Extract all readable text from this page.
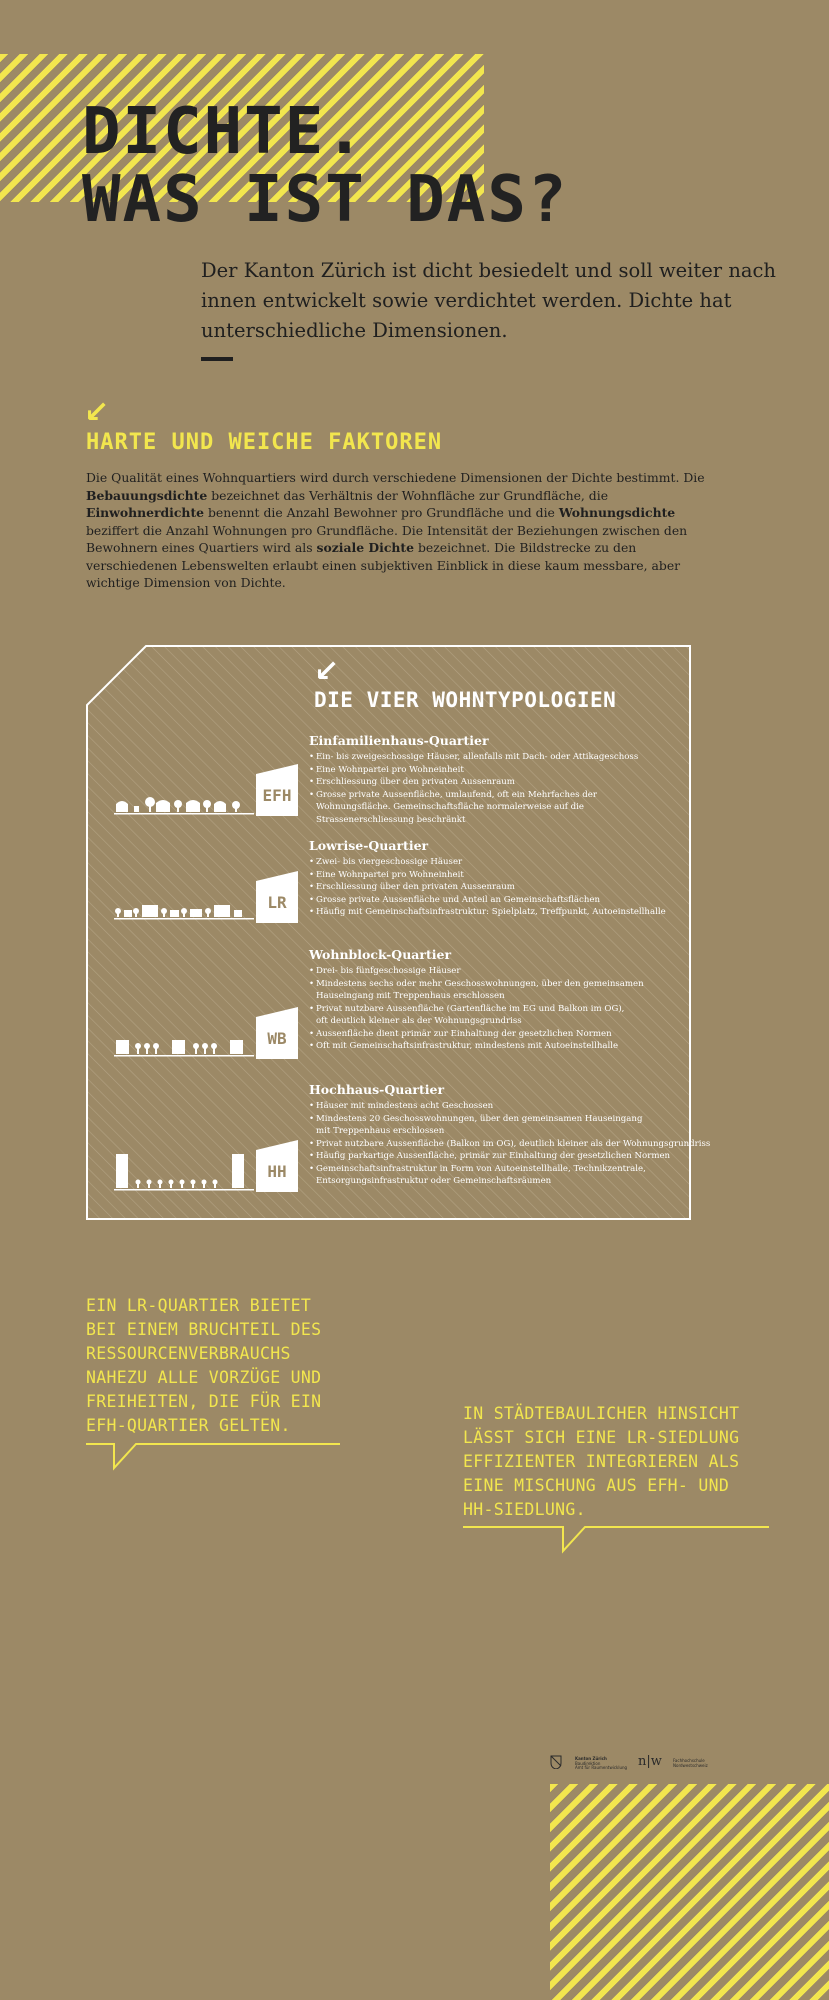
DICHTE.
WAS IST DAS?
Der Kanton Zürich ist dicht besiedelt und soll weiter nach innen entwickelt sowie verdichtet werden. Dichte hat unterschiedliche Dimensionen.
↙
HARTE UND WEICHE FAKTOREN

Die Qualität eines Wohnquartiers wird durch verschiedene Dimensionen der Dichte bestimmt. Die Bebauungsdichte bezeichnet das Verhältnis der Wohnfläche zur Grundfläche, die Einwohnerdichte benennt die Anzahl Bewohner pro Grundfläche und die Wohnungsdichte beziffert die Anzahl Wohnungen pro Grundfläche. Die Intensität der Beziehungen zwischen den Bewohnern eines Quartiers wird als soziale Dichte bezeichnet. Die Bildstrecke zu den verschiedenen Lebenswelten erlaubt einen subjektiven Einblick in diese kaum messbare, aber wichtige Dimension von Dichte.

↙
DIE VIER WOHNTYPOLOGIEN
Einfamilienhaus-Quartier
• Ein- bis zweigeschossige Häuser, allenfalls mit Dach- oder Attikageschoss
• Eine Wohnpartei pro Wohneinheit
• Erschliessung über den privaten Aussenraum
• Grosse private Aussenfläche, umlaufend, oft ein Mehrfaches der Wohnungsfläche. Gemeinschaftsfläche normalerweise auf die Strassenerschliessung beschränkt
EFH
Lowrise-Quartier
• Zwei- bis viergeschossige Häuser
• Eine Wohnpartei pro Wohneinheit
• Erschliessung über den privaten Aussenraum
• Grosse private Aussenfläche und Anteil an Gemeinschaftsflächen
• Häufig mit Gemeinschaftsinfrastruktur: Spielplatz, Treffpunkt, Autoeinstellhalle
LR
Wohnblock-Quartier
• Drei- bis fünfgeschossige Häuser
• Mindestens sechs oder mehr Geschosswohnungen, über den gemeinsamen Hauseingang mit Treppenhaus erschlossen
• Privat nutzbare Aussenfläche (Gartenfläche im EG und Balkon im OG), oft deutlich kleiner als der Wohnungsgrundriss
• Aussenfläche dient primär zur Einhaltung der gesetzlichen Normen
• Oft mit Gemeinschaftsinfrastruktur, mindestens mit Autoeinstellhalle
WB
Hochhaus-Quartier
• Häuser mit mindestens acht Geschossen
• Mindestens 20 Geschosswohnungen, über den gemeinsamen Hauseingang mit Treppenhaus erschlossen
• Privat nutzbare Aussenfläche (Balkon im OG), deutlich kleiner als der Wohnungsgrundriss
• Häufig parkartige Aussenfläche, primär zur Einhaltung der gesetzlichen Normen
• Gemeinschaftsinfrastruktur in Form von Autoeinstellhalle, Technikzentrale, Entsorgungsinfrastruktur oder Gemeinschaftsräumen
HH
EIN LR-QUARTIER BIETET
BEI EINEM BRUCHTEIL DES
RESSOURCENVERBRAUCHS
NAHEZU ALLE VORZÜGE UND
FREIHEITEN, DIE FÜR EIN
EFH-QUARTIER GELTEN.
IN STÄDTEBAULICHER HINSICHT
LÄSST SICH EINE LR-SIEDLUNG
EFFIZIENTER INTEGRIEREN ALS
EINE MISCHUNG AUS EFH- UND
HH-SIEDLUNG.
Kanton Zürich
Baudirektion
Amt für Raumentwicklung n|w	Fachhochschule
Nordwestschweiz
